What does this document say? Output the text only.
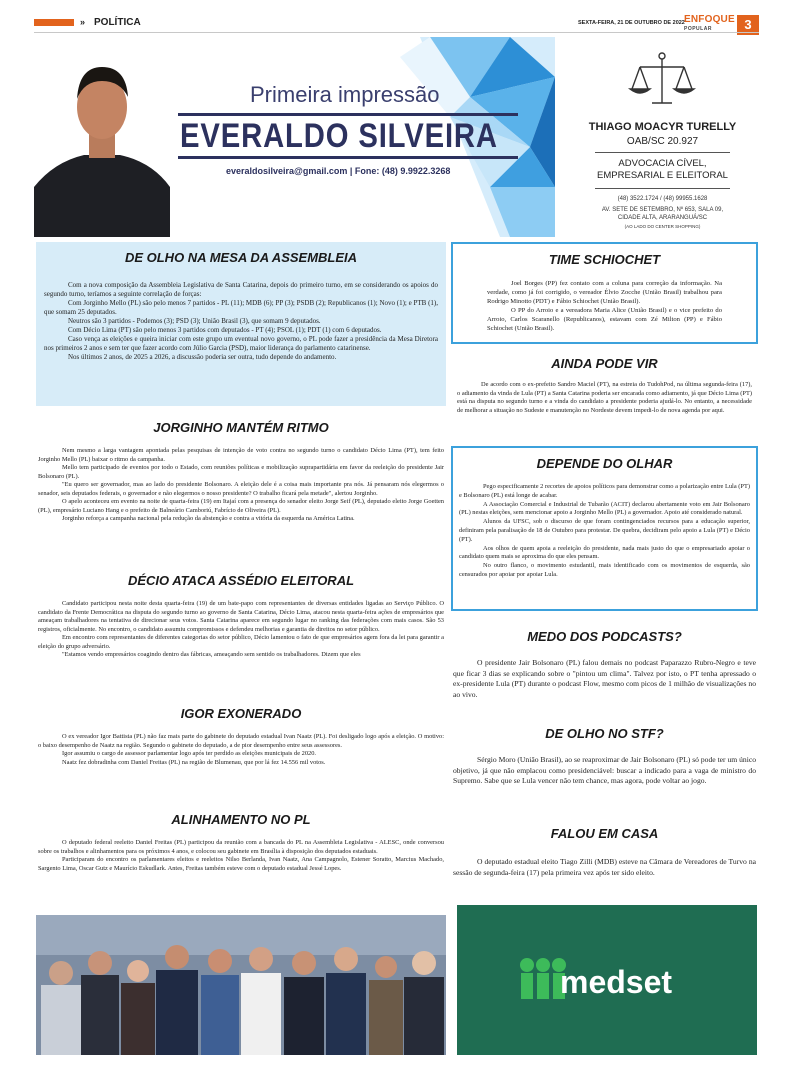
» POLÍTICA	SEXTA-FEIRA, 21 DE OUTUBRO DE 2022 ENFOQUE
POPULAR	3
Primeira impressão
EVERALDO SILVEIRA
everaldosilveira@gmail.com | Fone: (48) 9.9922.3268
THIAGO MOACYR TURELLY
OAB/SC 20.927
ADVOCACIA CÍVEL,
EMPRESARIAL E ELEITORAL
(48) 3522.1724 / (48) 99955.1628
AV. SETE DE SETEMBRO, Nº 653, SALA 09,
CIDADE ALTA, ARARANGUÁ/SC
(AO LADO DO CENTER SHOPPING)
DE OLHO NA MESA DA ASSEMBLEIA

Com a nova composição da Assembleia Legislativa de Santa Catarina, depois do primeiro turno, em se considerando os apoios do segundo turno, teríamos a seguinte correlação de forças:

Com Jorginho Mello (PL) são pelo menos 7 partidos - PL (11); MDB (6); PP (3); PSDB (2); Republicanos (1); Novo (1); e PTB (1), que somam 25 deputados.

Neutros são 3 partidos - Podemos (3); PSD (3); União Brasil (3), que somam 9 deputados.

Com Décio Lima (PT) são pelo menos 3 partidos com deputados - PT (4); PSOL (1); PDT (1) com 6 deputados.

Caso vença as eleições e queira iniciar com este grupo um eventual novo governo, o PL pode fazer a presidência da Mesa Diretora nos primeiros 2 anos e sem ter que fazer acordo com Júlio Garcia (PSD), maior liderança do parlamento catarinense.

Nos últimos 2 anos, de 2025 a 2026, a discussão poderia ser outra, tudo depende do andamento.

JORGINHO MANTÉM RITMO

Nem mesmo a larga vantagem apontada pelas pesquisas de intenção de voto contra no segundo turno o candidato Décio Lima (PT), tem feito Jorginho Mello (PL) baixar o ritmo da campanha.

Mello tem participado de eventos por todo o Estado, com reuniões políticas e mobilização suprapartidária em favor da reeleição do presidente Jair Bolsonaro (PL).

"Eu quero ser governador, mas ao lado do presidente Bolsonaro. A eleição dele é a coisa mais importante pra nós. Já pensaram nós elegermos o senador, seis deputados federais, o governador e não elegermos o nosso presidente? O trabalho ficará pela metade", alertou Jorginho.

O apelo aconteceu em evento na noite de quarta-feira (19) em Itajaí com a presença do senador eleito Jorge Seif (PL), deputado eleito Jorge Goetten (PL), empresário Luciano Hang e o prefeito de Balneário Camboriú, Fabrício de Oliveira (PL).

Jorginho reforça a campanha nacional pela redução da abstenção e contra a vitória da esquerda na América Latina.

DÉCIO ATACA ASSÉDIO ELEITORAL

Candidato participou nesta noite desta quarta-feira (19) de um bate-papo com representantes de diversas entidades ligadas ao Serviço Público. O candidato da Frente Democrática na disputa do segundo turno ao governo de Santa Catarina, Décio Lima, atacou nesta quarta-feira ações de empresários que ameaçam trabalhadores na tentativa de direcionar seus votos. Santa Catarina aparece em segundo lugar no ranking das federações com mais casos. São 53 registros, oficialmente. No encontro, o candidato assumiu compromissos e defendeu melhorias e garantia de direitos no setor público.

Em encontro com representantes de diferentes categorias do setor público, Décio lamentou o fato de que empresários agem fora da lei para garantir a eleição do grupo adversário.

"Estamos vendo empresários coagindo dentro das fábricas, ameaçando sem sentido os trabalhadores. Dizem que eles

IGOR EXONERADO

O ex vereador Igor Battista (PL) não faz mais parte do gabinete do deputado estadual Ivan Naatz (PL). Foi desligado logo após a eleição. O motivo: o baixo desempenho de Naatz na região. Segundo o gabinete do deputado, a de pior desempenho entre seus assessores.

Igor assumiu o cargo de assessor parlamentar logo após ter perdido as eleições municipais de 2020.

Naatz fez dobradinha com Daniel Freitas (PL) na região de Blumenau, que por lá fez 14.556 mil votos.

ALINHAMENTO NO PL

O deputado federal reeleito Daniel Freitas (PL) participou da reunião com a bancada do PL na Assembleia Legislativa - ALESC, onde conversou sobre os trabalhos e alinhamentos para os próximos 4 anos, e colocou seu gabinete em Brasília à disposição dos deputados estaduais.

Participaram do encontro os parlamentares eleitos e reeleitos Nilso Berlanda, Ivan Naatz, Ana Campagnolo, Estener Soratto, Marcius Machado, Sargento Lima, Oscar Gutz e Maurício Eskudlark. Antes, Freitas também esteve com o deputado estadual Jessé Lopes.

TIME SCHIOCHET

Joel Borges (PP) fez contato com a coluna para correção da informação. Na verdade, como já foi corrigido, o vereador Élvio Zocche (União Brasil) trabalhou para Rodrigo Minotto (PDT) e Fábio Schiochet (União Brasil).

O PP do Arroio e a vereadora Maria Alice (União Brasil) e o vice prefeito do Arroio, Carlos Scaranello (Republicanos), estavam com Zé Milton (PP) e Fábio Schiochet (União Brasil).

AINDA PODE VIR

De acordo com o ex-prefeito Sandro Maciel (PT), na estreia do TudohPod, na última segunda-feira (17), o adiamento da vinda de Lula (PT) a Santa Catarina poderia ser encarada como adiamento, já que Décio Lima (PT) está na disputa no segundo turno e a vinda do candidato a presidente poderia ajudá-lo. No entanto, a necessidade de melhorar a situação no Sudeste e manutenção no Nordeste devem impedi-lo de nova agenda por aqui.

DEPENDE DO OLHAR

Pego especificamente 2 recortes de apoios políticos para demonstrar como a polarização entre Lula (PT) e Bolsonaro (PL) está longe de acabar.

A Associação Comercial e Industrial de Tubarão (ACIT) declarou abertamente voto em Jair Bolsonaro (PL) nestas eleições, sem mencionar apoio a Jorginho Mello (PL) a governador. Apoio até considerado natural.

Alunos da UFSC, sob o discurso de que foram contingenciados recursos para a educação superior, definiram pela paralisação de 18 de Outubro para protestar. De quebra, decidiram pelo apoio a Lula (PT) e Décio (PT).

Aos olhos de quem apoia a reeleição do presidente, nada mais justo do que o empresariado apoiar o candidato quem mais se aproxima do que eles pensam.

No outro flanco, o movimento estudantil, mais identificado com os movimentos de esquerda, são censurados por apoiar por apoiar Lula.

MEDO DOS PODCASTS?

O presidente Jair Bolsonaro (PL) falou demais no podcast Paparazzo Rubro-Negro e teve que ficar 3 dias se explicando sobre o "pintou um clima". Talvez por isto, o PT tenha apressado o ex-presidente Lula (PT) durante o podcast Flow, mesmo com picos de 1 milhão de visualizações no ao vivo.

DE OLHO NO STF?

Sérgio Moro (União Brasil), ao se reaproximar de Jair Bolsonaro (PL) só pode ter um único objetivo, já que não emplacou como presidenciável: buscar a indicado para a vaga de ministro do Supremo. Sabe que se Lula vencer não tem chance, mas agora, pode voltar ao jogo.

FALOU EM CASA

O deputado estadual eleito Tiago Zilli (MDB) esteve na Câmara de Vereadores de Turvo na sessão de segunda-feira (17) pela primeira vez após ter sido eleito.

medset
